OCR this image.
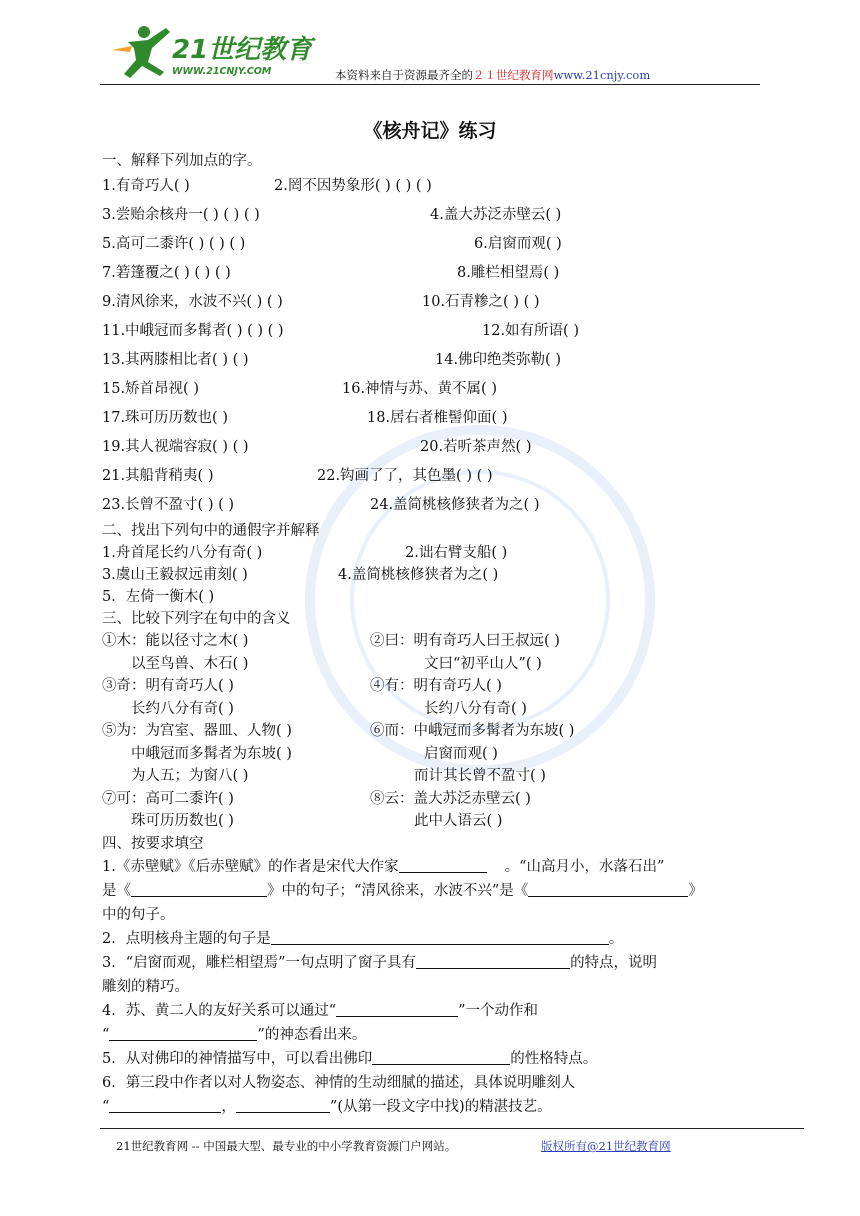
21世纪教育
WWW.21CNJY.COM	本资料来自于资源最齐全的２１世纪教育网www.21cnjy.com
《核舟记》练习
一、解释下列加点的字。
1.有奇巧人( )	2.罔不因势象形( ) ( ) ( )
3.尝贻余核舟一( ) ( ) ( )	4.盖大苏泛赤壁云( )
5.高可二黍许( ) ( ) ( )	6.启窗而观( )
7.箬篷覆之( ) ( ) ( )	8.雕栏相望焉( )
9.清风徐来，水波不兴( ) ( )	10.石青糁之( ) ( )
11.中峨冠而多髯者( ) ( ) ( )	12.如有所语( )
13.其两膝相比者( ) ( )	14.佛印绝类弥勒( )
15.矫首昂视( )	16.神情与苏、黄不属( )
17.珠可历历数也( )	18.居右者椎髻仰面( )
19.其人视端容寂( ) ( )	20.若听茶声然( )
21.其船背稍夷( )	22.钩画了了，其色墨( ) ( )
23.长曾不盈寸( ) ( )	24.盖简桃核修狭者为之( )
二、找出下列句中的通假字并解释
1.舟首尾长约八分有奇( )	2.诎右臂支船( )
3.虞山王毅叔远甫刻( )	4.盖简桃核修狭者为之( )
5．左倚一衡木( )
三、比较下列字在句中的含义
①木：能以径寸之木( )	②曰：明有奇巧人曰王叔远( )
　　以至鸟兽、木石( )	文曰“初平山人”( )
③奇：明有奇巧人( )	④有：明有奇巧人( )
　　长约八分有奇( )	长约八分有奇( )
⑤为：为宫室、器皿、人物( )	⑥而：中峨冠而多髯者为东坡( )
　　中峨冠而多髯者为东坡( )	启窗而观( )
　　为人五；为窗八( )	而计其长曾不盈寸( )
⑦可：高可二黍许( )	⑧云：盖大苏泛赤壁云( )
　　珠可历历数也( )	此中人语云( )
四、按要求填空
1.《赤壁赋》《后赤壁赋》的作者是宋代大作家	。“山高月小，水落石出”
是《	》中的句子；“清风徐来，水波不兴”是《	》
中的句子。
2．点明核舟主题的句子是	。
3．“启窗而观，雕栏相望焉”一句点明了窗子具有	的特点，说明
雕刻的精巧。
4．苏、黄二人的友好关系可以通过“	”一个动作和
“	”的神态看出来。
5．从对佛印的神情描写中，可以看出佛印	的性格特点。
6．第三段中作者以对人物姿态、神情的生动细腻的描述，具体说明雕刻人
“	，	”(从第一段文字中找)的精湛技艺。
21世纪教育网 -- 中国最大型、最专业的中小学教育资源门户网站。	版权所有@21世纪教育网
